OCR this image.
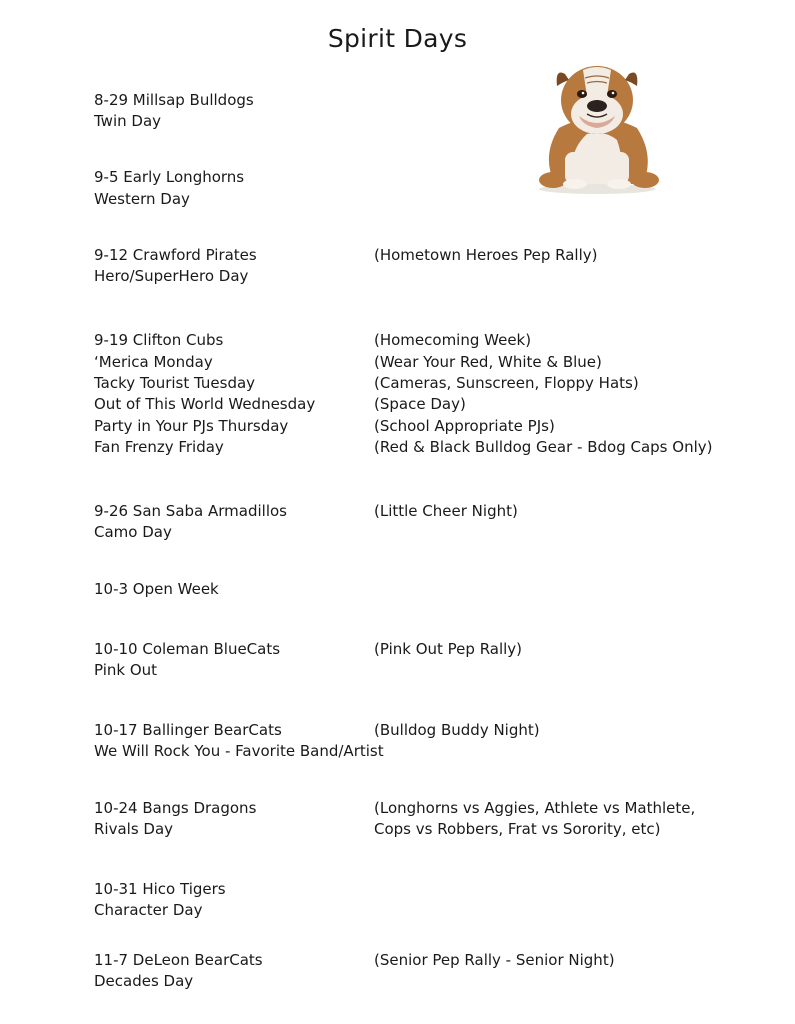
Spirit Days
8-29 Millsap Bulldogs
Twin Day
9-5 Early Longhorns
Western Day
9-12 Crawford Pirates	(Hometown Heroes Pep Rally)
Hero/SuperHero Day
9-19 Clifton Cubs	(Homecoming Week)
‘Merica Monday	(Wear Your Red, White & Blue)
Tacky Tourist Tuesday	(Cameras, Sunscreen, Floppy Hats)
Out of This World Wednesday	(Space Day)
Party in Your PJs Thursday	(School Appropriate PJs)
Fan Frenzy Friday	(Red & Black Bulldog Gear - Bdog Caps Only)
9-26 San Saba Armadillos	(Little Cheer Night)
Camo Day
10-3 Open Week
10-10 Coleman BlueCats	(Pink Out Pep Rally)
Pink Out
10-17 Ballinger BearCats	(Bulldog Buddy Night)
We Will Rock You - Favorite Band/Artist
10-24 Bangs Dragons	(Longhorns vs Aggies, Athlete vs Mathlete,
Rivals Day	Cops vs Robbers, Frat vs Sorority, etc)
10-31 Hico Tigers
Character Day
11-7 DeLeon BearCats	(Senior Pep Rally - Senior Night)
Decades Day
